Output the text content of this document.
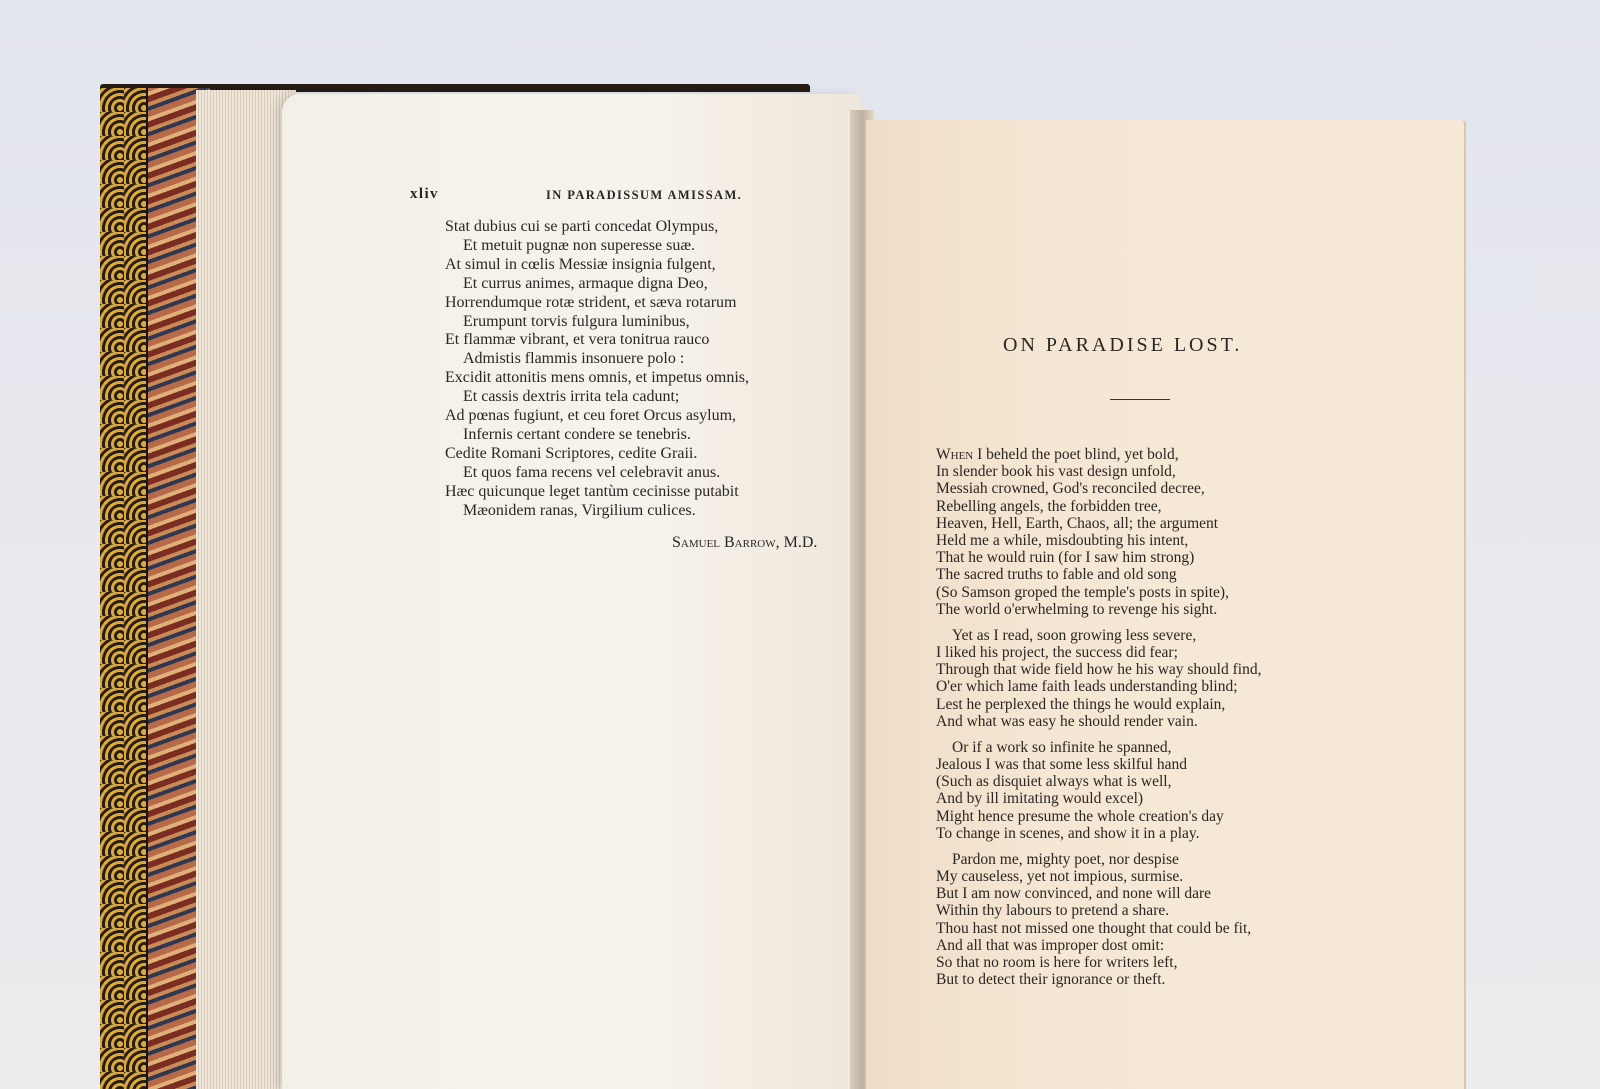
xliv	IN PARADISSUM AMISSAM.
Stat dubius cui se parti concedat Olympus,
Et metuit pugnæ non superesse suæ.
At simul in cœlis Messiæ insignia fulgent,
Et currus animes, armaque digna Deo,
Horrendumque rotæ strident, et sæva rotarum
Erumpunt torvis fulgura luminibus,
Et flammæ vibrant, et vera tonitrua rauco
Admistis flammis insonuere polo :
Excidit attonitis mens omnis, et impetus omnis,
Et cassis dextris irrita tela cadunt;
Ad pœnas fugiunt, et ceu foret Orcus asylum,
Infernis certant condere se tenebris.
Cedite Romani Scriptores, cedite Graii.
Et quos fama recens vel celebravit anus.
Hæc quicunque leget tantùm cecinisse putabit
Mæonidem ranas, Virgilium culices.
Samuel Barrow, M.D.
ON PARADISE LOST.
When I beheld the poet blind, yet bold,
In slender book his vast design unfold,
Messiah crowned, God's reconciled decree,
Rebelling angels, the forbidden tree,
Heaven, Hell, Earth, Chaos, all; the argument
Held me a while, misdoubting his intent,
That he would ruin (for I saw him strong)
The sacred truths to fable and old song
(So Samson groped the temple's posts in spite),
The world o'erwhelming to revenge his sight.
Yet as I read, soon growing less severe,
I liked his project, the success did fear;
Through that wide field how he his way should find,
O'er which lame faith leads understanding blind;
Lest he perplexed the things he would explain,
And what was easy he should render vain.
Or if a work so infinite he spanned,
Jealous I was that some less skilful hand
(Such as disquiet always what is well,
And by ill imitating would excel)
Might hence presume the whole creation's day
To change in scenes, and show it in a play.
Pardon me, mighty poet, nor despise
My causeless, yet not impious, surmise.
But I am now convinced, and none will dare
Within thy labours to pretend a share.
Thou hast not missed one thought that could be fit,
And all that was improper dost omit:
So that no room is here for writers left,
But to detect their ignorance or theft.
